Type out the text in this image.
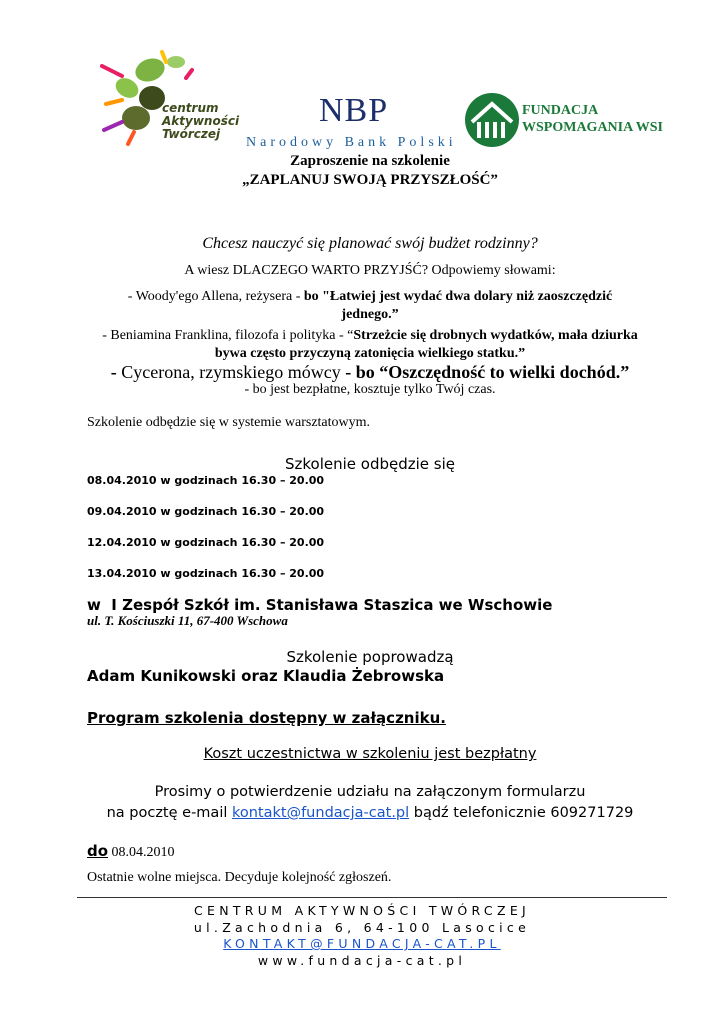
centrum
Aktywności
Twórczej
NBP
Narodowy Bank Polski
FUNDACJA
WSPOMAGANIA WSI
Zaproszenie na szkolenie
„ZAPLANUJ SWOJĄ PRZYSZŁOŚĆ”
Chcesz nauczyć się planować swój budżet rodzinny?
A wiesz DLACZEGO WARTO PRZYJŚĆ? Odpowiemy słowami:
- Woody'ego Allena, reżysera - bo "Łatwiej jest wydać dwa dolary niż zaoszczędzić
jednego.”
- Beniamina Franklina, filozofa i polityka - “Strzeżcie się drobnych wydatków, mała dziurka
bywa często przyczyną zatonięcia wielkiego statku.”
- Cycerona, rzymskiego mówcy - bo “Oszczędność to wielki dochód.”
- bo jest bezpłatne, kosztuje tylko Twój czas.
Szkolenie odbędzie się w systemie warsztatowym.
Szkolenie odbędzie się
08.04.2010 w godzinach 16.30 – 20.00
09.04.2010 w godzinach 16.30 – 20.00
12.04.2010 w godzinach 16.30 – 20.00
13.04.2010 w godzinach 16.30 – 20.00
w  I Zespół Szkół im. Stanisława Staszica we Wschowie
ul. T. Kościuszki 11, 67-400 Wschowa
Szkolenie poprowadzą
Adam Kunikowski oraz Klaudia Żebrowska
Program szkolenia dostępny w załączniku.
Koszt uczestnictwa w szkoleniu jest bezpłatny
Prosimy o potwierdzenie udziału na załączonym formularzu
na pocztę e-mail kontakt@fundacja-cat.pl bądź telefonicznie 609271729
do 08.04.2010
Ostatnie wolne miejsca. Decyduje kolejność zgłoszeń.
CENTRUM AKTYWNOŚCI TWÓRCZEJ
ul.Zachodnia 6, 64-100 Lasocice
KONTAKT@FUNDACJA-CAT.PL
www.fundacja-cat.pl
